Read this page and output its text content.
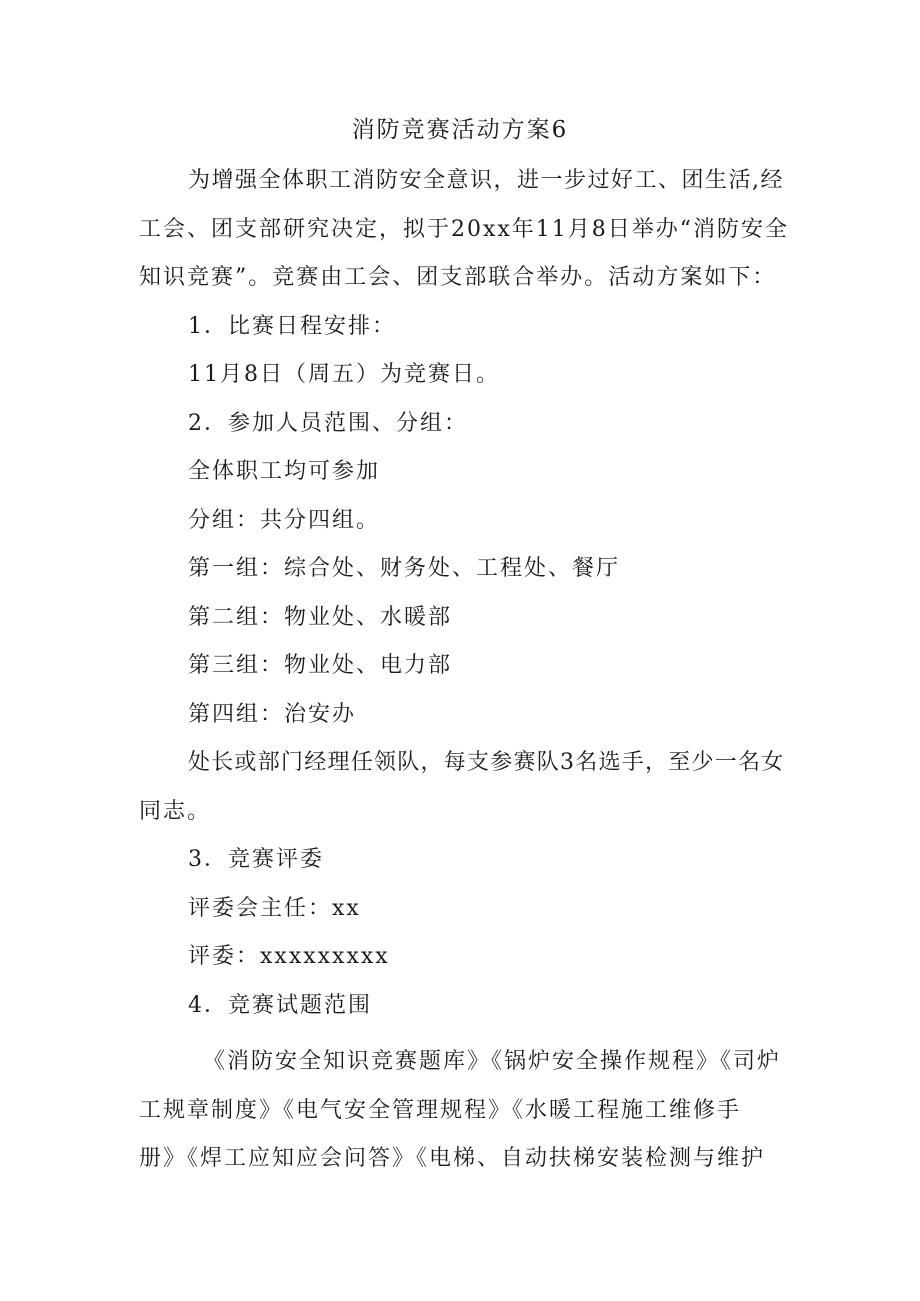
消防竞赛活动方案6

为增强全体职工消防安全意识，进一步过好工、团生活,经

工会、团支部研究决定，拟于20xx年11月8日举办“消防安全

知识竞赛”。竞赛由工会、团支部联合举办。活动方案如下：

1．比赛日程安排：

11月8日（周五）为竞赛日。

2．参加人员范围、分组：

全体职工均可参加

分组：共分四组。

第一组：综合处、财务处、工程处、餐厅

第二组：物业处、水暖部

第三组：物业处、电力部

第四组：治安办

处长或部门经理任领队，每支参赛队3名选手，至少一名女

同志。

3．竞赛评委

评委会主任：xx

评委：xxxxxxxxx

4．竞赛试题范围

《消防安全知识竞赛题库》《锅炉安全操作规程》《司炉

工规章制度》《电气安全管理规程》《水暖工程施工维修手

册》《焊工应知应会问答》《电梯、自动扶梯安装检测与维护
